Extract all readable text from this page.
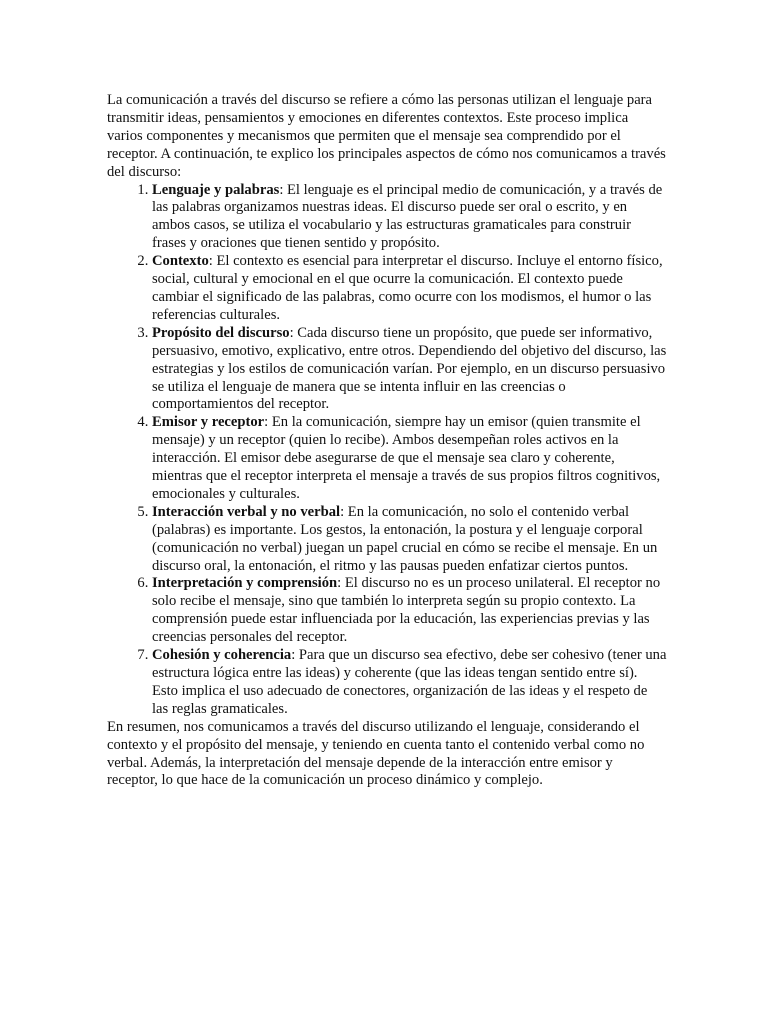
La comunicación a través del discurso se refiere a cómo las personas utilizan el lenguaje para transmitir ideas, pensamientos y emociones en diferentes contextos. Este proceso implica varios componentes y mecanismos que permiten que el mensaje sea comprendido por el receptor. A continuación, te explico los principales aspectos de cómo nos comunicamos a través del discurso:

1. Lenguaje y palabras: El lenguaje es el principal medio de comunicación, y a través de las palabras organizamos nuestras ideas. El discurso puede ser oral o escrito, y en ambos casos, se utiliza el vocabulario y las estructuras gramaticales para construir frases y oraciones que tienen sentido y propósito.
2. Contexto: El contexto es esencial para interpretar el discurso. Incluye el entorno físico, social, cultural y emocional en el que ocurre la comunicación. El contexto puede cambiar el significado de las palabras, como ocurre con los modismos, el humor o las referencias culturales.
3. Propósito del discurso: Cada discurso tiene un propósito, que puede ser informativo, persuasivo, emotivo, explicativo, entre otros. Dependiendo del objetivo del discurso, las estrategias y los estilos de comunicación varían. Por ejemplo, en un discurso persuasivo se utiliza el lenguaje de manera que se intenta influir en las creencias o comportamientos del receptor.
4. Emisor y receptor: En la comunicación, siempre hay un emisor (quien transmite el mensaje) y un receptor (quien lo recibe). Ambos desempeñan roles activos en la interacción. El emisor debe asegurarse de que el mensaje sea claro y coherente, mientras que el receptor interpreta el mensaje a través de sus propios filtros cognitivos, emocionales y culturales.
5. Interacción verbal y no verbal: En la comunicación, no solo el contenido verbal (palabras) es importante. Los gestos, la entonación, la postura y el lenguaje corporal (comunicación no verbal) juegan un papel crucial en cómo se recibe el mensaje. En un discurso oral, la entonación, el ritmo y las pausas pueden enfatizar ciertos puntos.
6. Interpretación y comprensión: El discurso no es un proceso unilateral. El receptor no solo recibe el mensaje, sino que también lo interpreta según su propio contexto. La comprensión puede estar influenciada por la educación, las experiencias previas y las creencias personales del receptor.
7. Cohesión y coherencia: Para que un discurso sea efectivo, debe ser cohesivo (tener una estructura lógica entre las ideas) y coherente (que las ideas tengan sentido entre sí). Esto implica el uso adecuado de conectores, organización de las ideas y el respeto de las reglas gramaticales.

En resumen, nos comunicamos a través del discurso utilizando el lenguaje, considerando el contexto y el propósito del mensaje, y teniendo en cuenta tanto el contenido verbal como no verbal. Además, la interpretación del mensaje depende de la interacción entre emisor y receptor, lo que hace de la comunicación un proceso dinámico y complejo.
